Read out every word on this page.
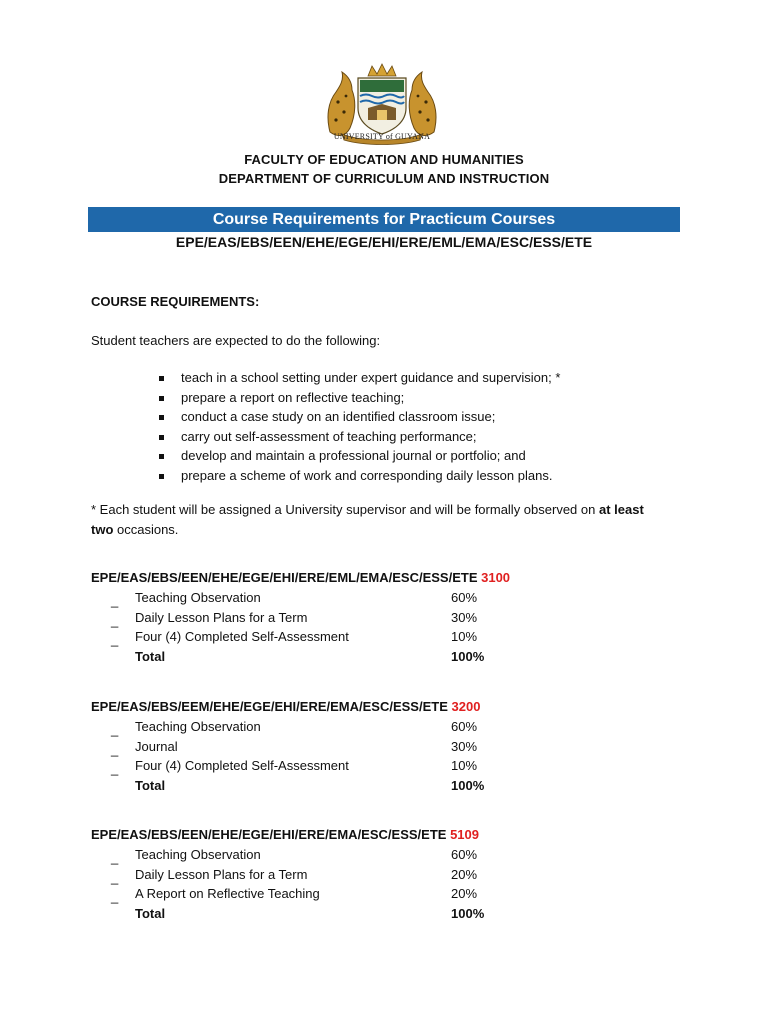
UNIVERSITY of GUYANA
FACULTY OF EDUCATION AND HUMANITIES
DEPARTMENT OF CURRICULUM AND INSTRUCTION
Course Requirements for Practicum Courses
EPE/EAS/EBS/EEN/EHE/EGE/EHI/ERE/EML/EMA/ESC/ESS/ETE
COURSE REQUIREMENTS:
Student teachers are expected to do the following:
teach in a school setting under expert guidance and supervision; *
prepare a report on reflective teaching;
conduct a case study on an identified classroom issue;
carry out self-assessment of teaching performance;
develop and maintain a professional journal or portfolio; and
prepare a scheme of work and corresponding daily lesson plans.
* Each student will be assigned a University supervisor and will be formally observed on at least
two occasions.
EPE/EAS/EBS/EEN/EHE/EGE/EHI/ERE/EML/EMA/ESC/ESS/ETE 3100
_ Teaching Observation	60%
_ Daily Lesson Plans for a Term	30%
_ Four (4) Completed Self-Assessment	10%
Total	100%
EPE/EAS/EBS/EEM/EHE/EGE/EHI/ERE/EMA/ESC/ESS/ETE 3200
_ Teaching Observation	60%
_ Journal	30%
_ Four (4) Completed Self-Assessment	10%
Total	100%
EPE/EAS/EBS/EEN/EHE/EGE/EHI/ERE/EMA/ESC/ESS/ETE 5109
_ Teaching Observation	60%
_ Daily Lesson Plans for a Term	20%
_ A Report on Reflective Teaching	20%
Total	100%
